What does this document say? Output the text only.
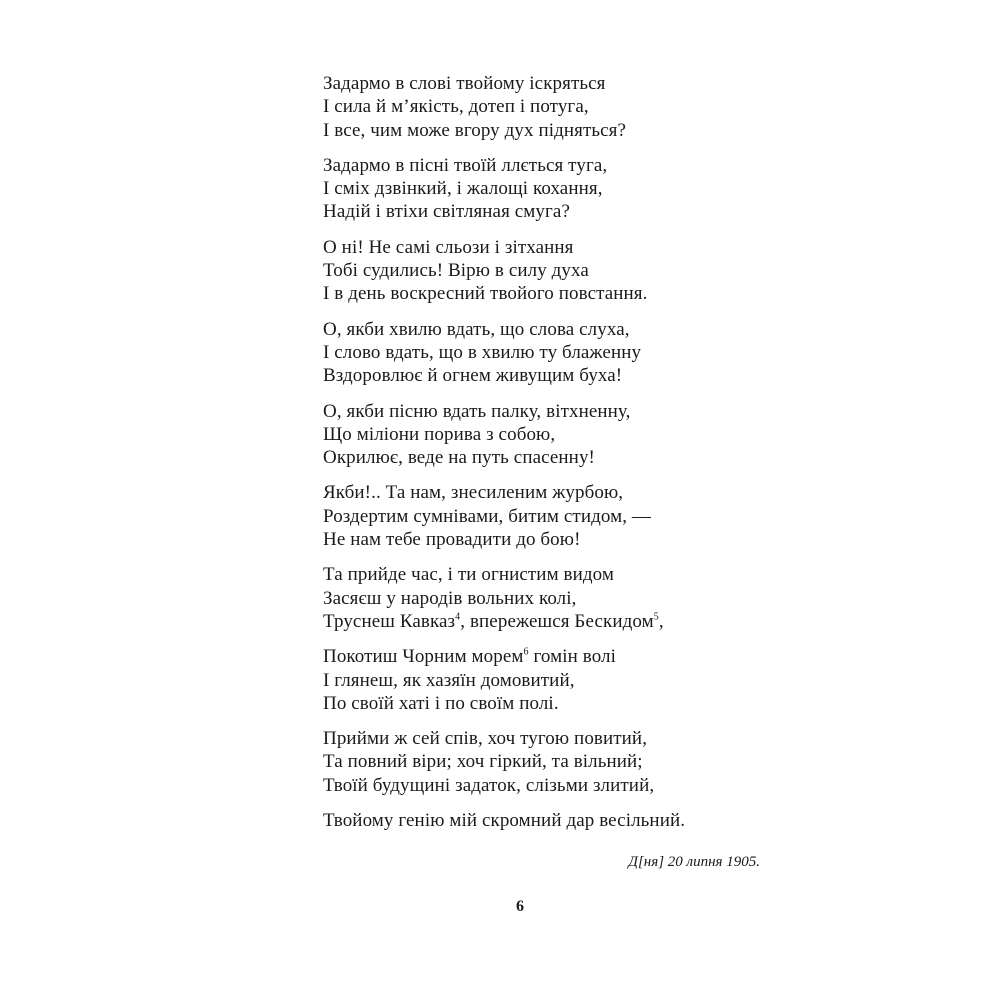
Задармо в слові твойому іскряться
І сила й м’якість, дотеп і потуга,
І все, чим може вгору дух підняться?
Задармо в пісні твоїй ллється туга,
І сміх дзвінкий, і жалощі кохання,
Надій і втіхи світляная смуга?
О ні! Не самі сльози і зітхання
Тобі судились! Вірю в силу духа
І в день воскресний твойого повстання.
О, якби хвилю вдать, що слова слуха,
І слово вдать, що в хвилю ту блаженну
Вздоровлює й огнем живущим буха!
О, якби пісню вдать палку, вітхненну,
Що міліони порива з собою,
Окрилює, веде на путь спасенну!
Якби!.. Та нам, знесиленим журбою,
Роздертим сумнівами, битим стидом, —
Не нам тебе провадити до бою!
Та прийде час, і ти огнистим видом
Засяєш у народів вольних колі,
Труснеш Кавказ$^4$, впережешся Бескидом$^5$,
Покотиш Чорним морем$^6$ гомін волі
І глянеш, як хазяїн домовитий,
По своїй хаті і по своїм полі.
Прийми ж сей спів, хоч тугою повитий,
Та повний віри; хоч гіркий, та вільний;
Твоїй будущині задаток, слізьми злитий,
Твойому генію мій скромний дар весільний.
Д[ня] 20 липня 1905.
6
